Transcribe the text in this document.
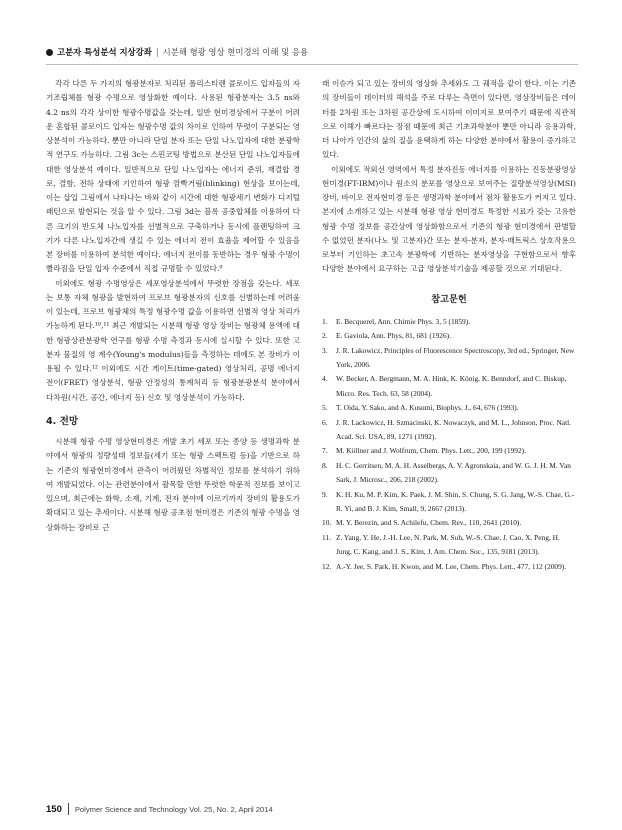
고분자 특성분석 지상강좌 | 시분해 형광 영상 현미경의 이해 및 응용

각각 다른 두 가지의 형광분자로 처리된 폴리스티렌 콜로이드 입자들의 자기조립체를 형광 수명으로 영상화한 예이다. 사용된 형광분자는 3.5 ns와 4.2 ns의 각각 상이한 형광수명값을 갖는데, 일반 현미경상에서 구분이 어려운 혼합된 콜로이드 입자는 형광수명 값의 차이로 인하여 뚜렷이 구분되는 영상분석이 가능하다. 뿐만 아니라 단일 분자 또는 단일 나노입자에 대한 분광학적 연구도 가능하다. 그림 3c는 스핀코팅 방법으로 분산된 단일 나노입자들에 대한 영상분석 예이다. 일반적으로 단일 나노입자는 에너지 준위, 재결합 경로, 결함, 전하 상태에 기인하여 형광 깜빡거림(blinking) 현상을 보이는데, 이는 삽입 그림에서 나타나는 바와 같이 시간에 대한 형광세기 변화가 디지털 패턴으로 발현되는 것을 알 수 있다. 그림 3d는 블록 공중합체를 이용하여 다른 크기의 반도체 나노입자를 선별적으로 구축하거나 동시에 플랜팅하여 크기가 다른 나노입자간에 생길 수 있는 에너지 전이 효율을 제어할 수 있음을 본 장비를 이용하여 분석한 예이다. 에너지 전이를 동반하는 경우 형광 수명이 빨라짐을 단일 입자 수준에서 직접 규명할 수 있었다.⁹

이외에도 형광 수명영상은 세포영상분석에서 뚜렷한 장점을 갖는다. 세포는 보통 자체 형광을 발현하여 프로브 형광분자의 신호를 선별하는데 어려움이 있는데, 프로브 형광체의 특정 형광수명 값을 이용하면 선별적 영상 처리가 가능하게 된다.¹⁰,¹¹ 최근 개발되는 시분해 형광 영상 장비는 형광체 용액에 대한 형광상관분광학 연구를 형광 수명 측정과 동시에 실시할 수 있다. 또한 고분자 물질의 영 계수(Young's modulus)들을 측정하는 데에도 본 장비가 이용될 수 있다.¹² 이외에도 시간 게이트(time-gated) 영상처리, 공명 에너지 전이(FRET) 영상분석, 형광 안정성의 통계처리 등 형광분광분석 분야에서 다차원(시간, 공간, 에너지 등) 신호 및 영상분석이 가능하다.

4. 전망

시분해 형광 수명 영상현미경은 개발 초기 세포 또는 종양 등 생명과학 분야에서 형광의 정량성태 정보들(세기 또는 형광 스펙트럼 등)을 기반으로 하는 기존의 형광현미경에서 관측이 어려웠던 차별적인 정보를 분석하기 위하여 개발되었다. 이는 관련분야에서 괄목할 만한 뚜렷한 학문적 진보를 보이고 있으며, 최근에는 화학, 소재, 기계, 전자 분야에 이르기까지 장비의 활용도가 확대되고 있는 추세이다. 시분해 형광 공초점 현미경은 기존의 형광 수명을 영상화하는 장비로 근

래 이슈가 되고 있는 장비의 영상화 추세와도 그 궤적을 같이 한다. 이는 기존의 장비들이 데이터의 해석을 주로 다루는 측면이 있다면, 영상장비들은 데이터를 2차원 또는 3차원 공간상에 도시하여 이미지로 보여주기 때문에 직관적으로 이해가 빠르다는 장점 때문에 최근 기초과학분야 뿐만 아니라 응용과학, 더 나아가 인간의 삶의 질을 윤택하게 하는 다양한 분야에서 활용이 증가하고 있다.

이외에도 적외선 영역에서 특정 분자진동 에너지를 이용하는 진동분광영상 현미경(FT-IRM)이나 원소의 분포를 영상으로 보여주는 질량분석영상(MSI) 장비, 바이오 전자현미경 등은 생명과학 분야에서 점차 활용도가 커지고 있다. 본지에 소개하고 있는 시분해 형광 영상 현미경도 특정한 시료가 갖는 고유한 형광 수명 정보를 공간상에 영상화함으로서 기존의 형광 현미경에서 판별할 수 없었던 분자(나노 및 고분자)간 또는 분자-분자, 분자-매트릭스 상호작용으로부터 기인하는 초고속 분광학에 기반하는 분자영상을 구현함으로서 향후 다양한 분야에서 요구하는 고급 영상분석기술을 제공할 것으로 기대된다.

참고문헌
1.	E. Becquerel, Ann. Chimie Phys. 3, 5 (1859).
2.	E. Gaviola, Ann. Phys, 81, 681 (1926).
3.	J. R. Lakowicz, Principles of Fluorescence Spectroscopy, 3rd ed., Springer, New York, 2006.
4.	W. Becker, A. Bergmann, M. A. Hink, K. König, K. Benndorf, and C. Biskup, Micro. Res. Tech. 63, 58 (2004).
5.	T. Oida, Y. Sako, and A. Kusumi, Biophys. J., 64, 676 (1993).
6.	J. R. Lackowicz, H. Szmacinski, K. Nowaczyk, and M. L., Johnson, Proc. Natl. Acad. Sci. USA, 89, 1271 (1992).
7.	M. Köllner and J. Wolfrum, Chem. Phys. Lett., 200, 199 (1992).
8.	H. C. Gerritsen, M. A. H. Asselbergs, A. V. Agronskaia, and W. G. J. H. M. Van Sark, J. Microsc., 206, 218 (2002).
9.	K. H. Ku, M. P. Kim, K. Paek, J. M. Shin, S. Chung, S. G. Jang, W.-S. Chae, G.-R. Yi, and B. J. Kim, Small, 9, 2667 (2013).
10. M. Y. Berezin, and S. Achilefu, Chem. Rev., 110, 2641 (2010).
11. Z. Yang, Y. He, J.-H. Lee, N. Park, M. Suh, W.-S. Chae, J. Cao, X. Peng, H. Jung, C. Kang, and J. S., Kim, J. Am. Chem. Soc., 135, 9181 (2013).
12. A.-Y. Jee, S. Park, H. Kwon, and M. Lee, Chem. Phys. Lett., 477, 112 (2009).
150 Polymer Science and Technology Vol. 25, No. 2, April 2014
